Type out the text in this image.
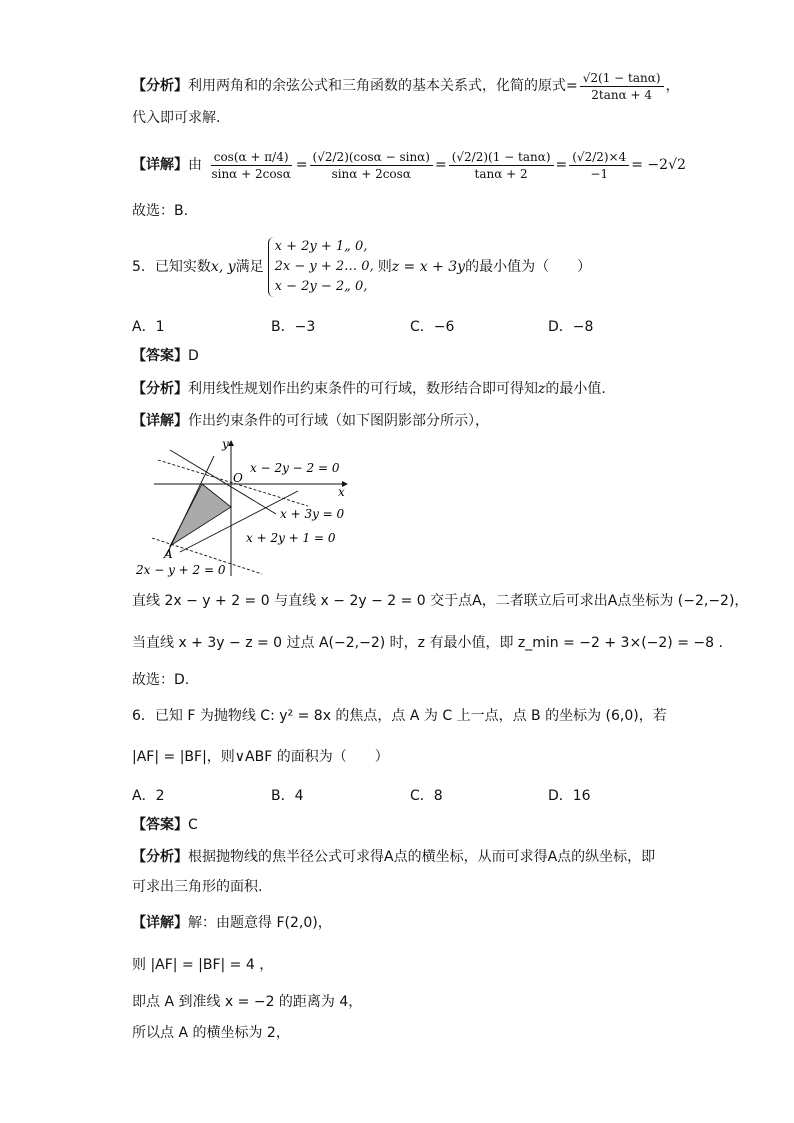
【分析】利用两角和的余弦公式和三角函数的基本关系式，化简的原式= $\frac{√2(1 - \tan\alpha)}{2\tan\alpha + 4}$ ，
代入即可求解.
【详解】由 $\frac{\cos(\alpha + \pi/4)}{\sin\alpha + 2\cos\alpha} = \frac{(√2/2)(\cos\alpha - \sin\alpha)}{\sin\alpha + 2\cos\alpha} = \frac{(√2/2)(1 - \tan\alpha)}{\tan\alpha + 2} = \frac{(√2/2)\times 4}{-1} = -2√2$
故选：B.
5．已知实数x, y满足
x + 2y + 1„ 0,
2x − y + 2… 0,
x − 2y − 2„ 0,
则z = x + 3y的最小值为（　　）
A．1	B．−3	C．−6	D．−8
【答案】D
【分析】利用线性规划作出约束条件的可行域，数形结合即可得知z的最小值.
【详解】作出约束条件的可行域（如下图阴影部分所示），
y
x
O
A
x − 2y − 2 = 0
x + 3y = 0
x + 2y + 1 = 0
2x − y + 2 = 0
直线 2x − y + 2 = 0 与直线 x − 2y − 2 = 0 交于点A，二者联立后可求出A点坐标为 (−2,−2)，
当直线 x + 3y − z = 0 过点 A(−2,−2) 时，z 有最小值，即 z_min = −2 + 3×(−2) = −8 .
故选：D.
6．已知 F 为抛物线 C: y² = 8x 的焦点，点 A 为 C 上一点，点 B 的坐标为 (6,0)，若
|AF| = |BF|，则∨ABF 的面积为（　　）
A．2	B．4	C．8	D．16
【答案】C
【分析】根据抛物线的焦半径公式可求得A点的横坐标，从而可求得A点的纵坐标，即
可求出三角形的面积.
【详解】解：由题意得 F(2,0)，
则 |AF| = |BF| = 4 ，
即点 A 到准线 x = −2 的距离为 4，
所以点 A 的横坐标为 2，
